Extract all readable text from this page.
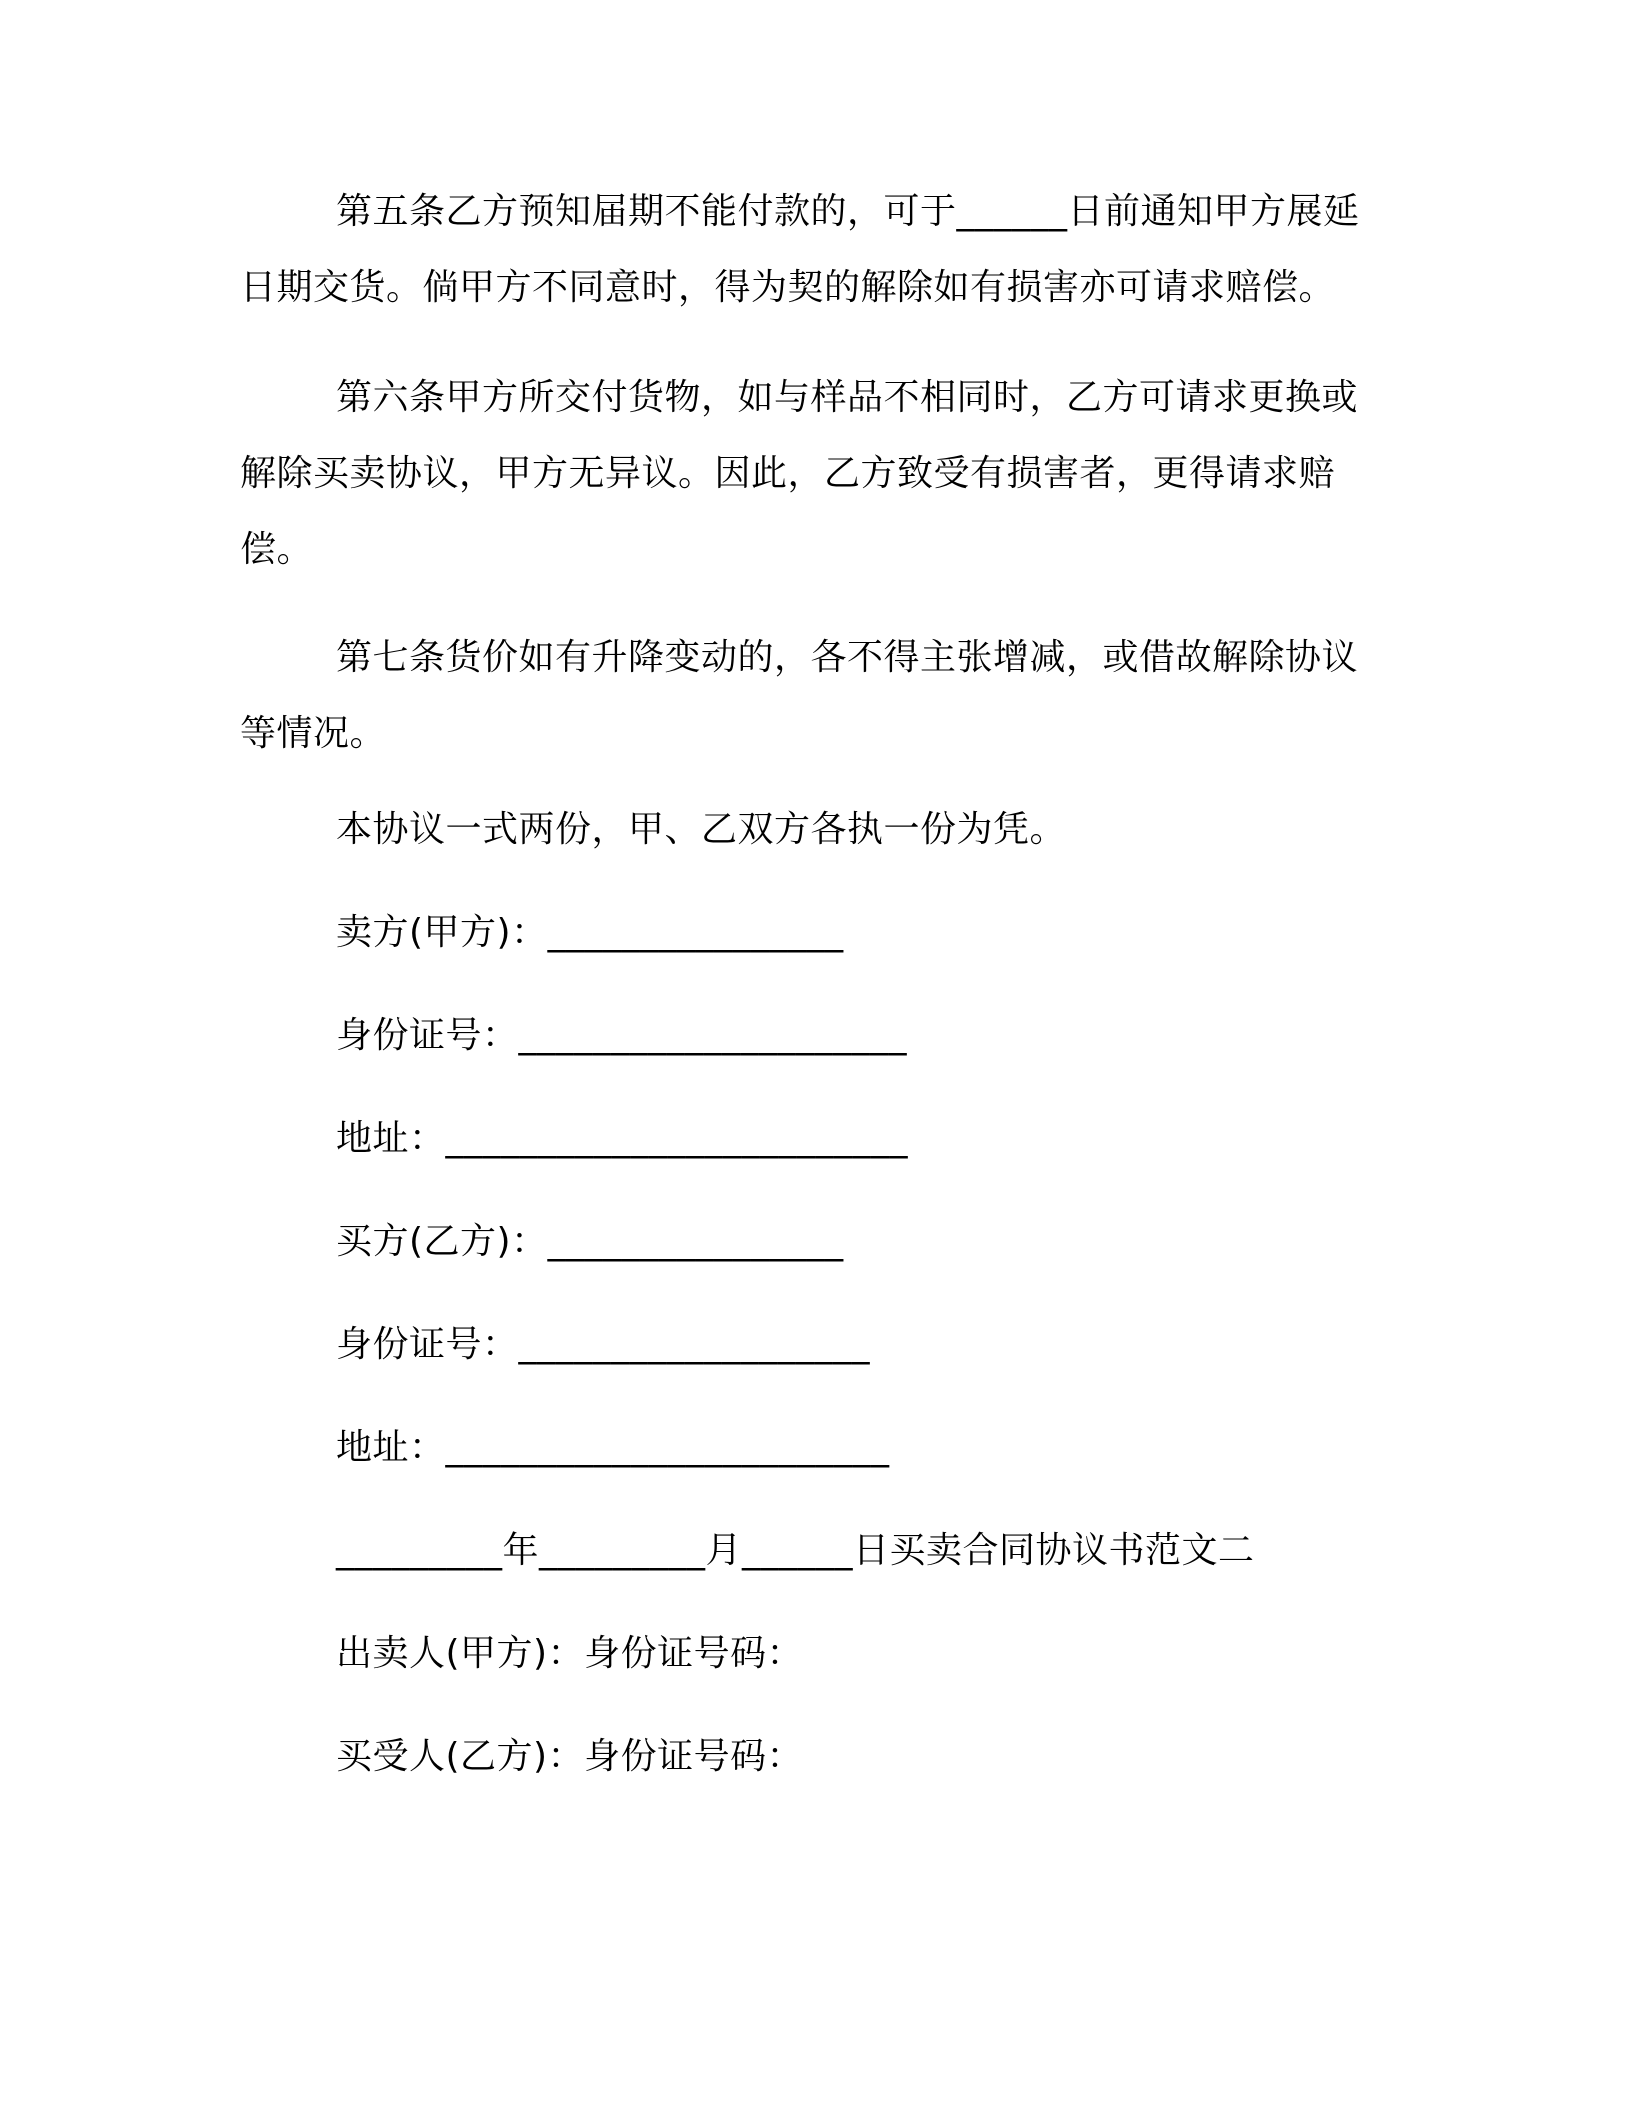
第五条乙方预知届期不能付款的，可于______日前通知甲方展延日期交货。倘甲方不同意时，得为契的解除如有损害亦可请求赔偿。

第六条甲方所交付货物，如与样品不相同时，乙方可请求更换或解除买卖协议，甲方无异议。因此，乙方致受有损害者，更得请求赔偿。

第七条货价如有升降变动的，各不得主张增减，或借故解除协议等情况。

本协议一式两份，甲、乙双方各执一份为凭。
卖方(甲方)：________________
身份证号：_____________________
地址：_________________________
买方(乙方)：________________
身份证号：___________________
地址：________________________
_________年_________月______日买卖合同协议书范文二
出卖人(甲方)：身份证号码：
买受人(乙方)：身份证号码：
